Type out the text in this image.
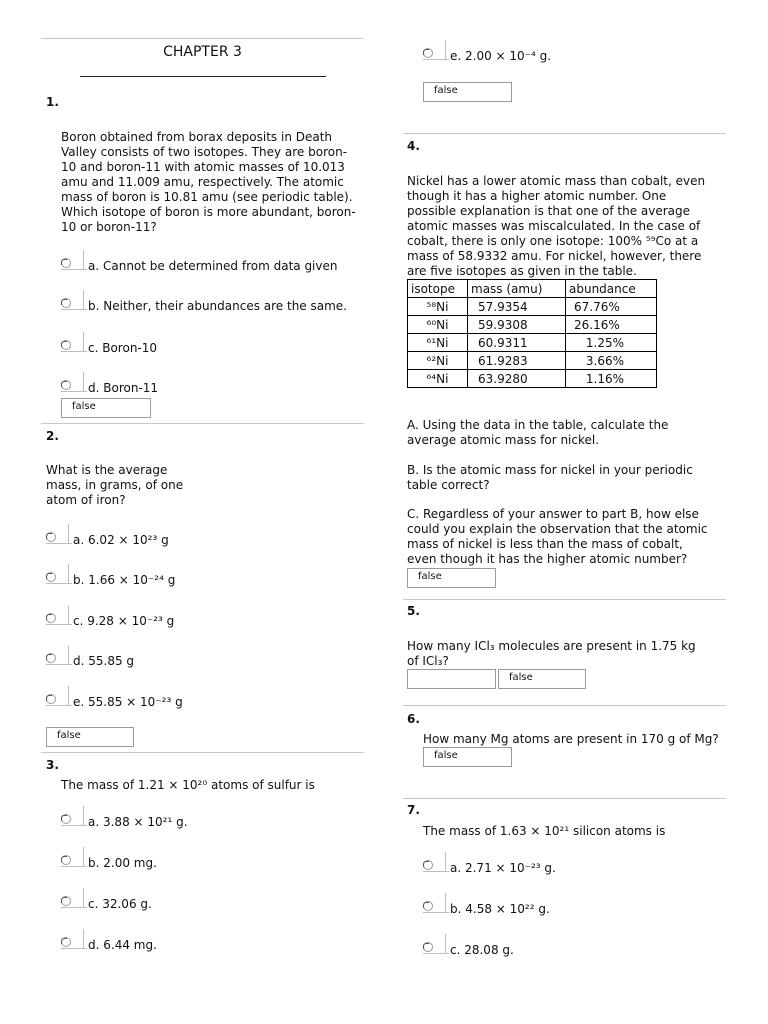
CHAPTER 3
1.
Boron obtained from borax deposits in Death Valley consists of two isotopes. They are boron-10 and boron-11 with atomic masses of 10.013 amu and 11.009 amu, respectively. The atomic mass of boron is 10.81 amu (see periodic table). Which isotope of boron is more abundant, boron-10 or boron-11?
a. Cannot be determined from data given
b. Neither, their abundances are the same.
c. Boron-10
d. Boron-11
false
2.
What is the average mass, in grams, of one atom of iron?
a. 6.02 × 10²³ g
b. 1.66 × 10⁻²⁴ g
c. 9.28 × 10⁻²³ g
d. 55.85 g
e. 55.85 × 10⁻²³ g
false
3.
The mass of 1.21 × 10²⁰ atoms of sulfur is
a. 3.88 × 10²¹ g.
b. 2.00 mg.
c. 32.06 g.
d. 6.44 mg.
e. 2.00 × 10⁻⁴ g.
false
4.
Nickel has a lower atomic mass than cobalt, even though it has a higher atomic number. One possible explanation is that one of the average atomic masses was miscalculated. In the case of cobalt, there is only one isotope: 100% ⁵⁹Co at a mass of 58.9332 amu. For nickel, however, there are five isotopes as given in the table.
isotope	mass (amu)	abundance
⁵⁸Ni	57.9354	67.76%
⁶⁰Ni	59.9308	26.16%
⁶¹Ni	60.9311	1.25%
⁶²Ni	61.9283	3.66%
⁶⁴Ni	63.9280	1.16%
A. Using the data in the table, calculate the average atomic mass for nickel.
B. Is the atomic mass for nickel in your periodic table correct?
C. Regardless of your answer to part B, how else could you explain the observation that the atomic mass of nickel is less than the mass of cobalt, even though it has the higher atomic number?
false
5.
How many ICl₃ molecules are present in 1.75 kg of ICl₃?
false
6.
How many Mg atoms are present in 170 g of Mg?
false
7.
The mass of 1.63 × 10²¹ silicon atoms is
a. 2.71 × 10⁻²³ g.
b. 4.58 × 10²² g.
c. 28.08 g.
